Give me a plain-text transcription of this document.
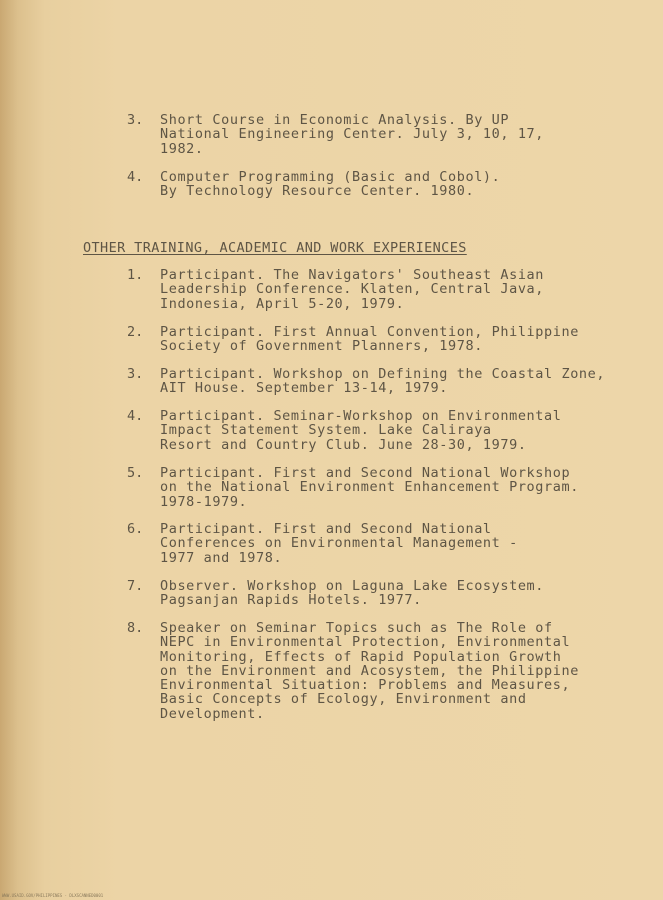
3.	Short Course in Economic Analysis. By UP
National Engineering Center. July 3, 10, 17,
1982.
4.	Computer Programming (Basic and Cobol).
By Technology Resource Center. 1980.
OTHER TRAINING, ACADEMIC AND WORK EXPERIENCES
1.	Participant. The Navigators' Southeast Asian
Leadership Conference. Klaten, Central Java,
Indonesia, April 5-20, 1979.
2.	Participant. First Annual Convention, Philippine
Society of Government Planners, 1978.
3.	Participant. Workshop on Defining the Coastal Zone,
AIT House. September 13-14, 1979.
4.	Participant. Seminar-Workshop on Environmental
Impact Statement System. Lake Caliraya
Resort and Country Club. June 28-30, 1979.
5.	Participant. First and Second National Workshop
on the National Environment Enhancement Program.
1978-1979.
6.	Participant. First and Second National
Conferences on Environmental Management -
1977 and 1978.
7.	Observer. Workshop on Laguna Lake Ecosystem.
Pagsanjan Rapids Hotels. 1977.
8.	Speaker on Seminar Topics such as The Role of
NEPC in Environmental Protection, Environmental
Monitoring, Effects of Rapid Population Growth
on the Environment and Acosystem, the Philippine
Environmental Situation: Problems and Measures,
Basic Concepts of Ecology, Environment and
Development.
WWW.USAID.GOV/PHILIPPINES · DLXSCANNED0001
